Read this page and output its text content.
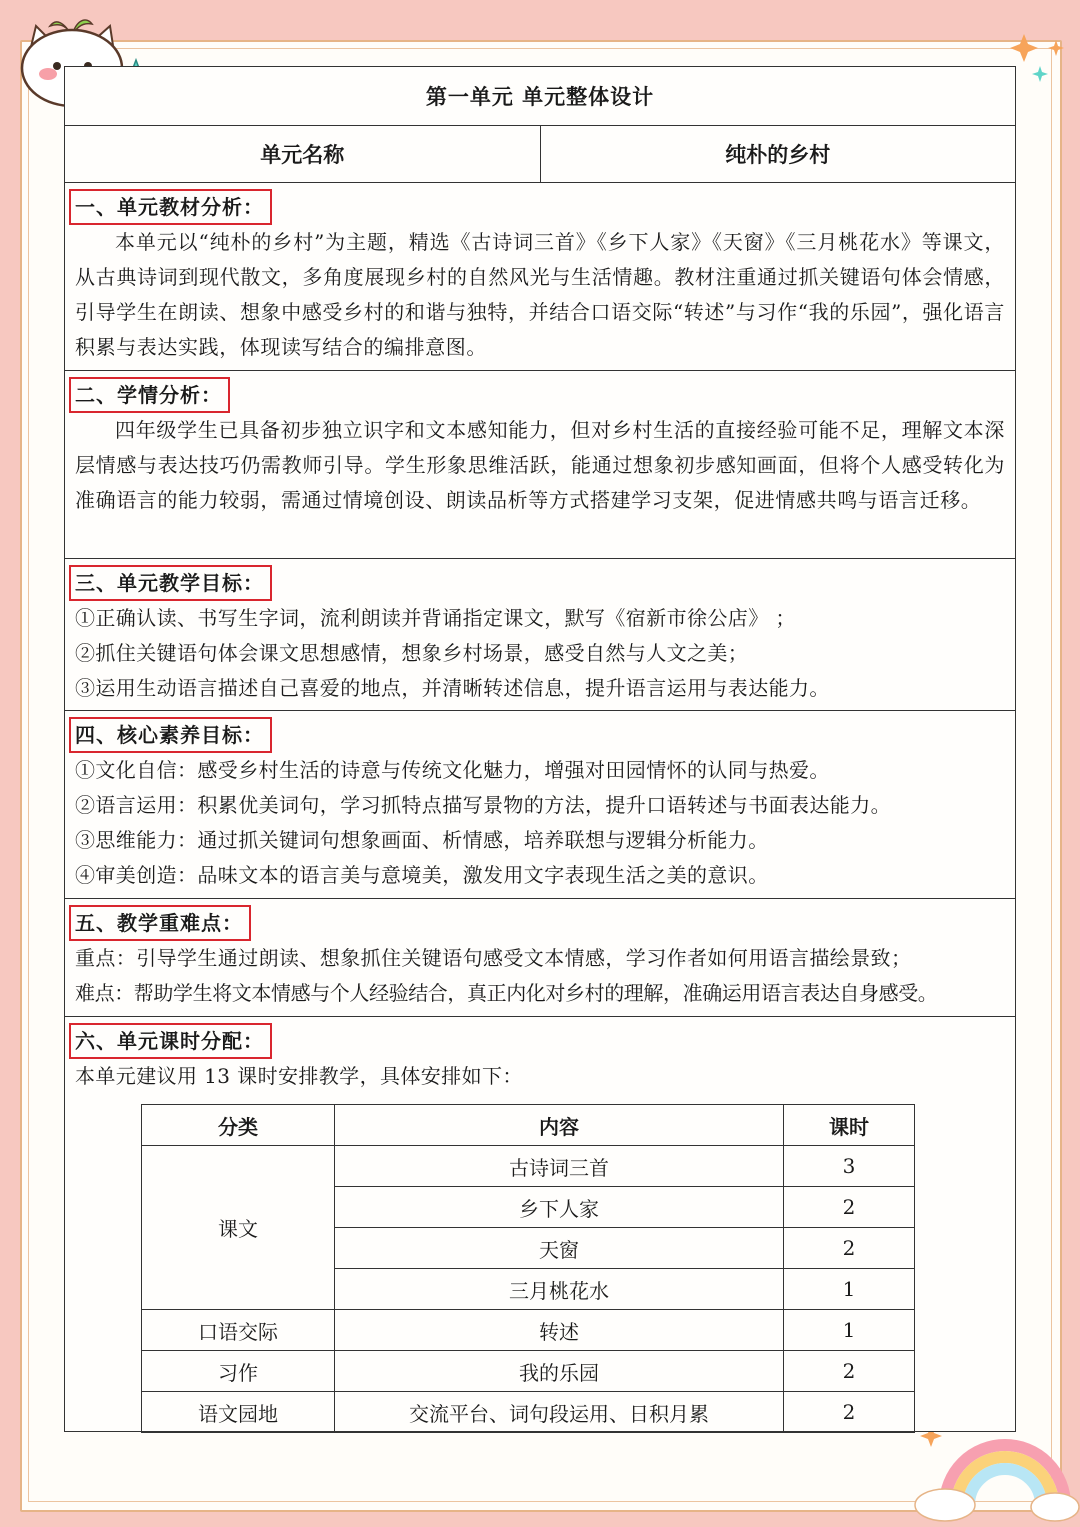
第一单元 单元整体设计
单元名称	纯朴的乡村
一、单元教材分析：

本单元以“纯朴的乡村”为主题，精选《古诗词三首》《乡下人家》《天窗》《三月桃花水》等课文，从古典诗词到现代散文，多角度展现乡村的自然风光与生活情趣。教材注重通过抓关键语句体会情感，引导学生在朗读、想象中感受乡村的和谐与独特，并结合口语交际“转述”与习作“我的乐园”，强化语言积累与表达实践，体现读写结合的编排意图。

二、学情分析：

四年级学生已具备初步独立识字和文本感知能力，但对乡村生活的直接经验可能不足，理解文本深层情感与表达技巧仍需教师引导。学生形象思维活跃，能通过想象初步感知画面，但将个人感受转化为准确语言的能力较弱，需通过情境创设、朗读品析等方式搭建学习支架，促进情感共鸣与语言迁移。

三、单元教学目标：

①正确认读、书写生字词，流利朗读并背诵指定课文，默写《宿新市徐公店》 ；

②抓住关键语句体会课文思想感情，想象乡村场景，感受自然与人文之美；

③运用生动语言描述自己喜爱的地点，并清晰转述信息，提升语言运用与表达能力。

四、核心素养目标：

①文化自信：感受乡村生活的诗意与传统文化魅力，增强对田园情怀的认同与热爱。

②语言运用：积累优美词句，学习抓特点描写景物的方法，提升口语转述与书面表达能力。

③思维能力：通过抓关键词句想象画面、析情感，培养联想与逻辑分析能力。

④审美创造：品味文本的语言美与意境美，激发用文字表现生活之美的意识。

五、教学重难点：

重点：引导学生通过朗读、想象抓住关键语句感受文本情感，学习作者如何用语言描绘景致；

难点：帮助学生将文本情感与个人经验结合，真正内化对乡村的理解，准确运用语言表达自身感受。

六、单元课时分配：

本单元建议用 13 课时安排教学，具体安排如下：

分类	内容	课时
课文	古诗词三首	3
	乡下人家	2
	天窗	2
	三月桃花水	1
口语交际	转述	1
习作	我的乐园	2
语文园地	交流平台、词句段运用、日积月累	2
